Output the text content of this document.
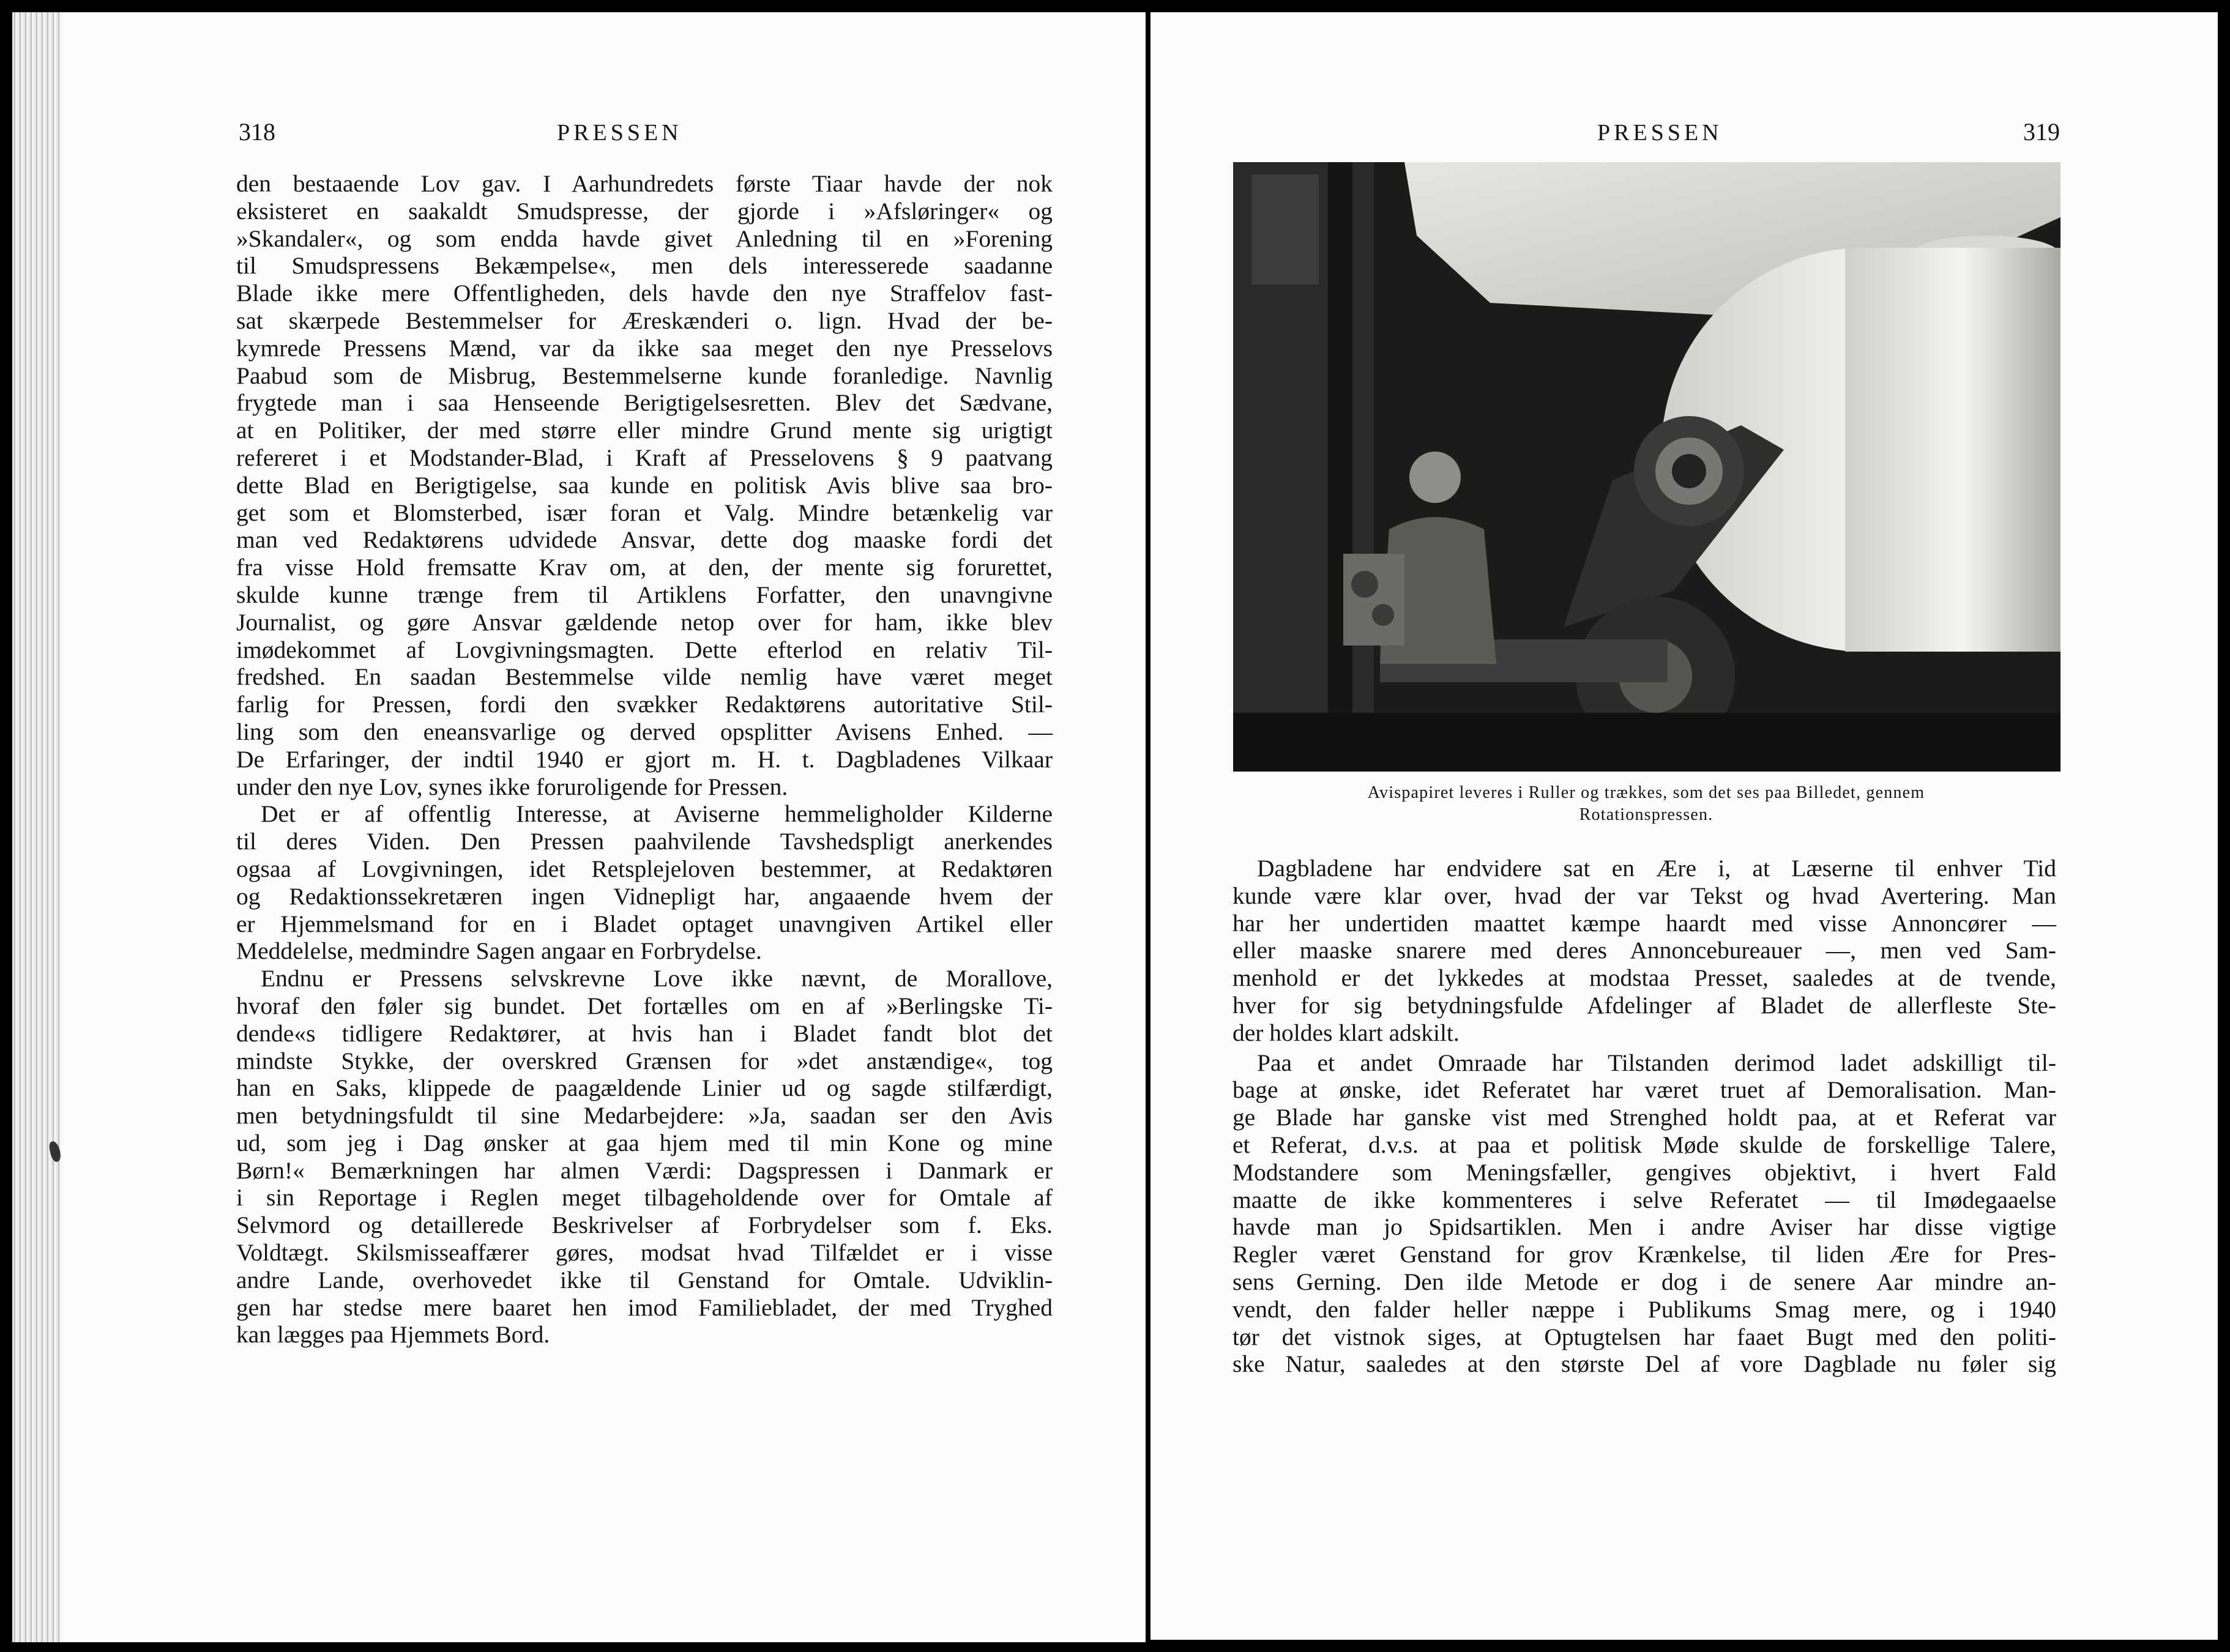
318	PRESSEN
den bestaaende Lov gav. I Aarhundredets første Tiaar havde der nok
eksisteret en saakaldt Smudspresse, der gjorde i »Afsløringer« og
»Skandaler«, og som endda havde givet Anledning til en »Forening
til Smudspressens Bekæmpelse«, men dels interesserede saadanne
Blade ikke mere Offentligheden, dels havde den nye Straffelov fast-
sat skærpede Bestemmelser for Æreskænderi o. lign. Hvad der be-
kymrede Pressens Mænd, var da ikke saa meget den nye Presselovs
Paabud som de Misbrug, Bestemmelserne kunde foranledige. Navnlig
frygtede man i saa Henseende Berigtigelsesretten. Blev det Sædvane,
at en Politiker, der med større eller mindre Grund mente sig urigtigt
refereret i et Modstander-Blad, i Kraft af Presselovens § 9 paatvang
dette Blad en Berigtigelse, saa kunde en politisk Avis blive saa bro-
get som et Blomsterbed, især foran et Valg. Mindre betænkelig var
man ved Redaktørens udvidede Ansvar, dette dog maaske fordi det
fra visse Hold fremsatte Krav om, at den, der mente sig forurettet,
skulde kunne trænge frem til Artiklens Forfatter, den unavngivne
Journalist, og gøre Ansvar gældende netop over for ham, ikke blev
imødekommet af Lovgivningsmagten. Dette efterlod en relativ Til-
fredshed. En saadan Bestemmelse vilde nemlig have været meget
farlig for Pressen, fordi den svækker Redaktørens autoritative Stil-
ling som den eneansvarlige og derved opsplitter Avisens Enhed. —
De Erfaringer, der indtil 1940 er gjort m. H. t. Dagbladenes Vilkaar
under den nye Lov, synes ikke foruroligende for Pressen.
Det er af offentlig Interesse, at Aviserne hemmeligholder Kilderne
til deres Viden. Den Pressen paahvilende Tavshedspligt anerkendes
ogsaa af Lovgivningen, idet Retsplejeloven bestemmer, at Redaktøren
og Redaktionssekretæren ingen Vidnepligt har, angaaende hvem der
er Hjemmelsmand for en i Bladet optaget unavngiven Artikel eller
Meddelelse, medmindre Sagen angaar en Forbrydelse.
Endnu er Pressens selvskrevne Love ikke nævnt, de Morallove,
hvoraf den føler sig bundet. Det fortælles om en af »Berlingske Ti-
dende«s tidligere Redaktører, at hvis han i Bladet fandt blot det
mindste Stykke, der overskred Grænsen for »det anstændige«, tog
han en Saks, klippede de paagældende Linier ud og sagde stilfærdigt,
men betydningsfuldt til sine Medarbejdere: »Ja, saadan ser den Avis
ud, som jeg i Dag ønsker at gaa hjem med til min Kone og mine
Børn!« Bemærkningen har almen Værdi: Dagspressen i Danmark er
i sin Reportage i Reglen meget tilbageholdende over for Omtale af
Selvmord og detaillerede Beskrivelser af Forbrydelser som f. Eks.
Voldtægt. Skilsmisseaffærer gøres, modsat hvad Tilfældet er i visse
andre Lande, overhovedet ikke til Genstand for Omtale. Udviklin-
gen har stedse mere baaret hen imod Familiebladet, der med Tryghed
kan lægges paa Hjemmets Bord.
PRESSEN	319
Avispapiret leveres i Ruller og trækkes, som det ses paa Billedet, gennem
Rotationspressen.
Dagbladene har endvidere sat en Ære i, at Læserne til enhver Tid
kunde være klar over, hvad der var Tekst og hvad Avertering. Man
har her undertiden maattet kæmpe haardt med visse Annoncører —
eller maaske snarere med deres Annoncebureauer —, men ved Sam-
menhold er det lykkedes at modstaa Presset, saaledes at de tvende,
hver for sig betydningsfulde Afdelinger af Bladet de allerfleste Ste-
der holdes klart adskilt.
Paa et andet Omraade har Tilstanden derimod ladet adskilligt til-
bage at ønske, idet Referatet har været truet af Demoralisation. Man-
ge Blade har ganske vist med Strenghed holdt paa, at et Referat var
et Referat, d.v.s. at paa et politisk Møde skulde de forskellige Talere,
Modstandere som Meningsfæller, gengives objektivt, i hvert Fald
maatte de ikke kommenteres i selve Referatet — til Imødegaaelse
havde man jo Spidsartiklen. Men i andre Aviser har disse vigtige
Regler været Genstand for grov Krænkelse, til liden Ære for Pres-
sens Gerning. Den ilde Metode er dog i de senere Aar mindre an-
vendt, den falder heller næppe i Publikums Smag mere, og i 1940
tør det vistnok siges, at Optugtelsen har faaet Bugt med den politi-
ske Natur, saaledes at den største Del af vore Dagblade nu føler sig
